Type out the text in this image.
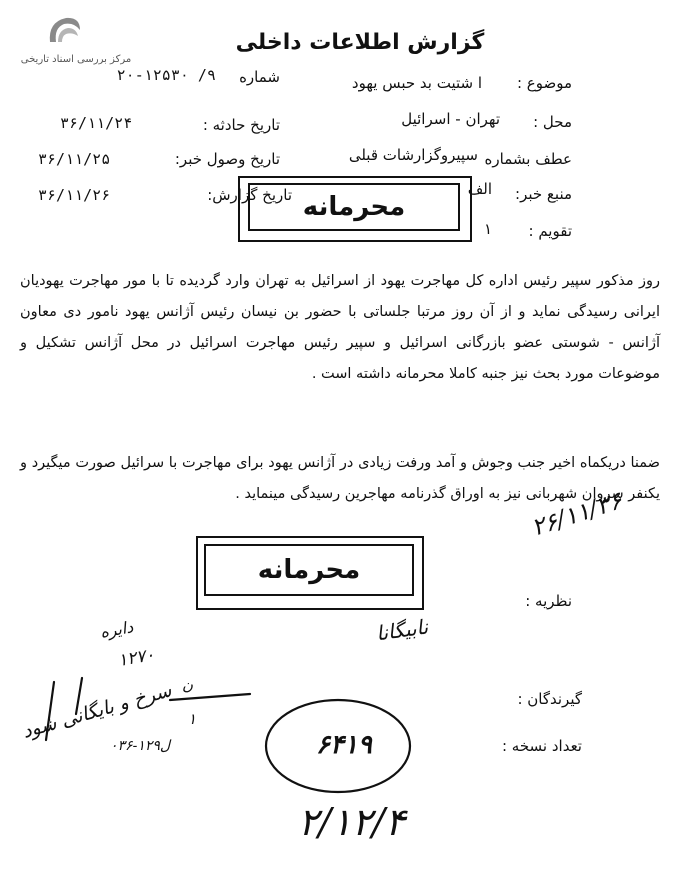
مرکز بررسی اسناد تاریخی
گزارش اطلاعات داخلی
موضوع :
ا شتیت بد حبس یهود
شماره
۲۰-۱۲۵۳۰ /۹
محل :
تهران - اسرائیل
تاریخ حادثه :
۳۶/۱۱/۲۴
عطف بشماره
سپیروگزارشات قبلی
تاریخ وصول خبر:
۳۶/۱۱/۲۵
منبع خبر:
الف
تاریخ گزارش:
۳۶/۱۱/۲۶
تقویم :
۱
محرمانه
روز مذکور سپیر رئیس اداره کل مهاجرت یهود از اسرائیل به تهران وارد گردیده تا با مور مهاجرت یهودیان ایرانی رسیدگی نماید و از آن روز مرتبا جلساتی با حضور بن نیسان رئیس آژانس یهود نامور دی معاون آژانس - شوستی عضو بازرگانی اسرائیل و سپیر رئیس مهاجرت اسرائیل در محل آژانس تشکیل و موضوعات مورد بحث نیز جنبه کاملا محرمانه داشته است .
ضمنا دریکماه اخیر جنب وجوش و آمد ورفت زیادی در آژانس یهود برای مهاجرت با سرائیل صورت میگیرد و یکنفر سروان شهربانی نیز به اوراق گذرنامه مهاجرین رسیدگی مینماید .
محرمانه
نظریه :
۲۶/۱۱/۳۶
دایره
۱۲۷۰
نابیگانا
ن
۱
سرخ و بایگانی شود
۰ل۱۲۹-۳۶
گیرندگان :
تعداد نسخه :
۶۴۱۹
۲/۱۲/۴
